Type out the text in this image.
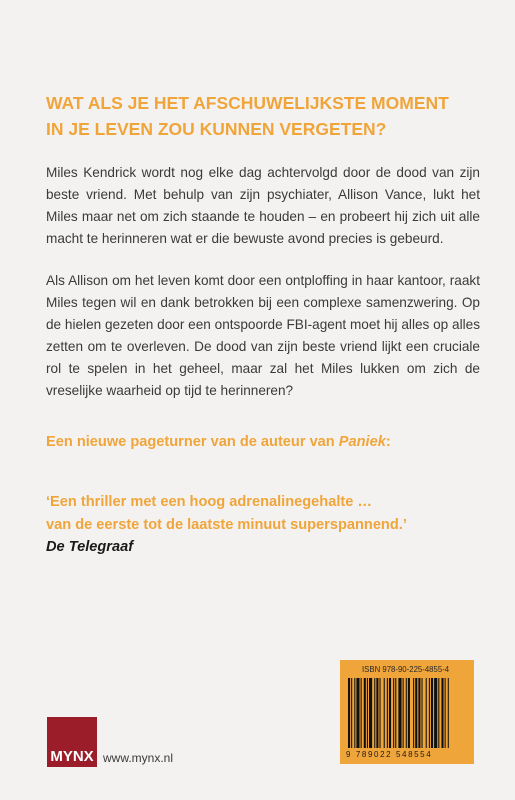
WAT ALS JE HET AFSCHUWELIJKSTE MOMENT
IN JE LEVEN ZOU KUNNEN VERGETEN?

Miles Kendrick wordt nog elke dag achtervolgd door de dood van zijn beste vriend. Met behulp van zijn psychiater, Allison Vance, lukt het Miles maar net om zich staande te houden – en probeert hij zich uit alle macht te herinneren wat er die bewuste avond precies is gebeurd.

Als Allison om het leven komt door een ontploffing in haar kantoor, raakt Miles tegen wil en dank betrokken bij een complexe samenzwering. Op de hielen gezeten door een ontspoorde FBI-agent moet hij alles op alles zetten om te overleven. De dood van zijn beste vriend lijkt een cruciale rol te spelen in het geheel, maar zal het Miles lukken om zich de vreselijke waarheid op tijd te herinneren?

Een nieuwe pageturner van de auteur van Paniek:

‘Een thriller met een hoog adrenalinegehalte …
van de eerste tot de laatste minuut superspannend.’

De Telegraaf
MYNX www.mynx.nl
ISBN 978-90-225-4855-4
9 789022 548554
